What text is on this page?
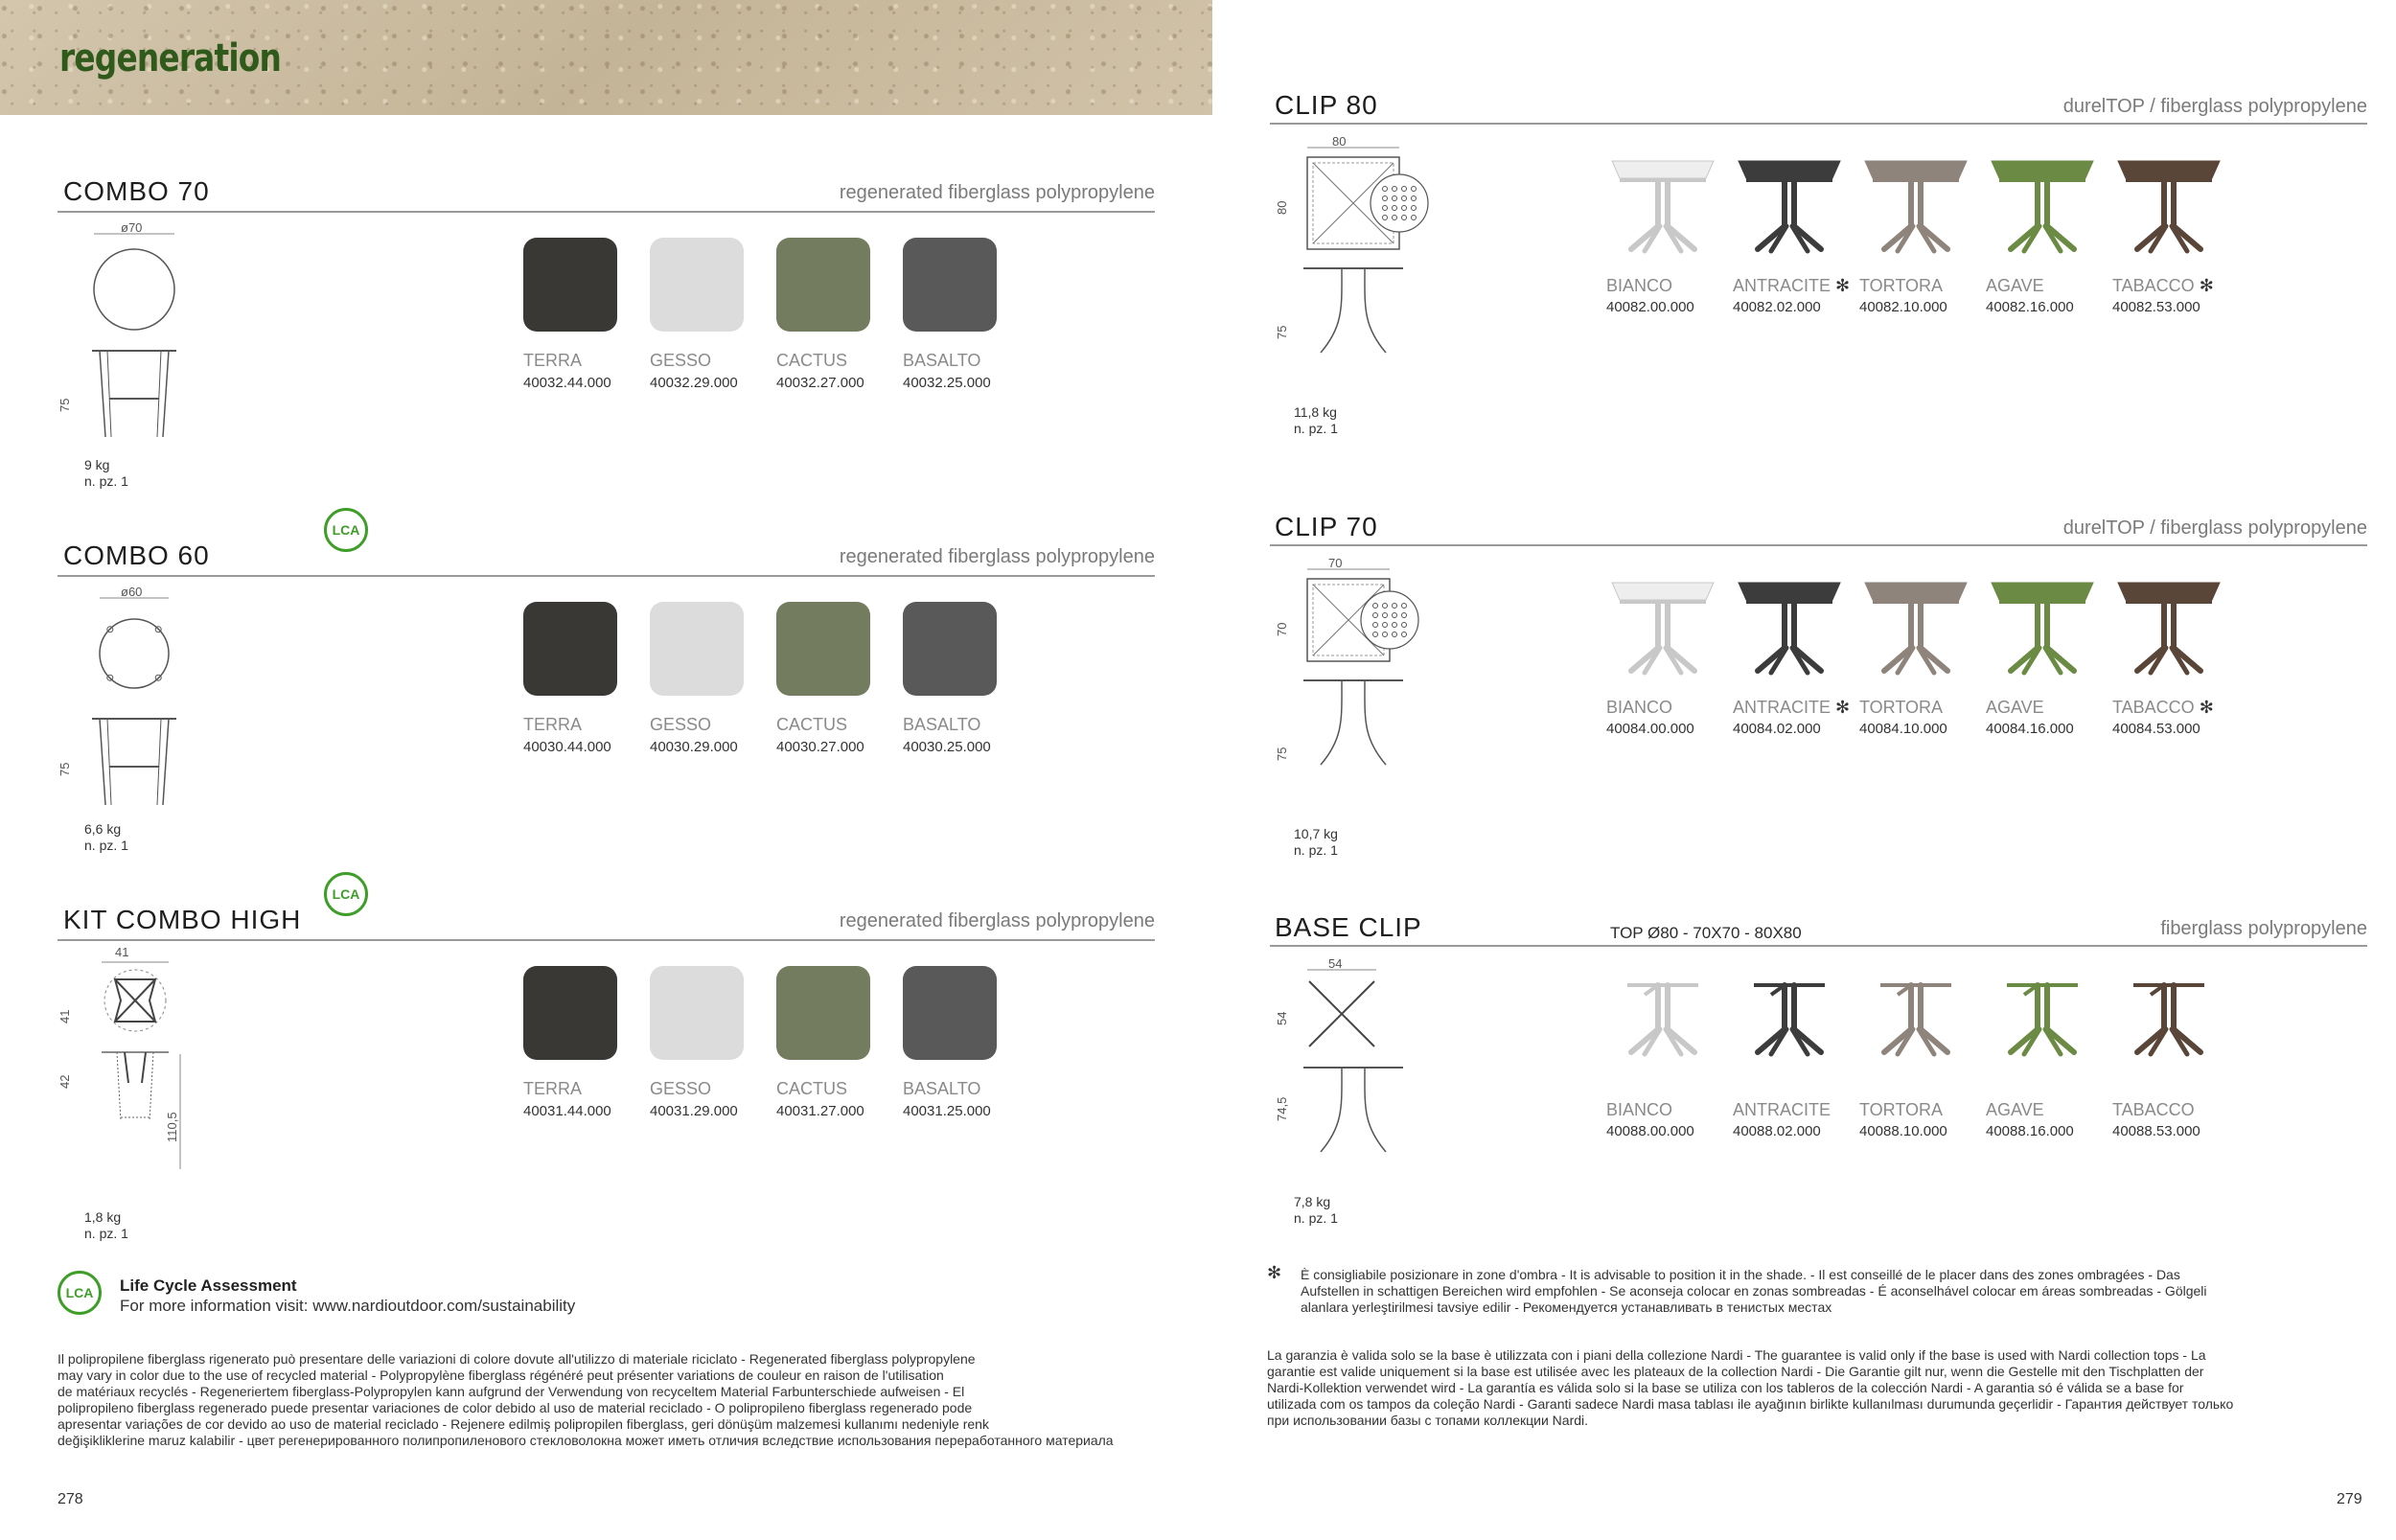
regeneration
COMBO 70	regenerated fiberglass polypropylene
ø70
75
9 kg
n. pz. 1
TERRA
40032.44.000
GESSO
40032.29.000
CACTUS
40032.27.000
BASALTO
40032.25.000
COMBO 60	regenerated fiberglass polypropylene
LCA
ø60
75
6,6 kg
n. pz. 1
TERRA
40030.44.000
GESSO
40030.29.000
CACTUS
40030.27.000
BASALTO
40030.25.000
KIT COMBO HIGH	regenerated fiberglass polypropylene
LCA
41
41
42
110,5
1,8 kg
n. pz. 1
TERRA
40031.44.000
GESSO
40031.29.000
CACTUS
40031.27.000
BASALTO
40031.25.000
CLIP 80	durelTOP / fiberglass polypropylene
80
80
75
11,8 kg
n. pz. 1
BIANCO
40082.00.000
ANTRACITE ✻
40082.02.000
TORTORA
40082.10.000
AGAVE
40082.16.000
TABACCO ✻
40082.53.000
CLIP 70	durelTOP / fiberglass polypropylene
70
70
75
10,7 kg
n. pz. 1
BIANCO
40084.00.000
ANTRACITE ✻
40084.02.000
TORTORA
40084.10.000
AGAVE
40084.16.000
TABACCO ✻
40084.53.000
BASE CLIP	fiberglass polypropylene
TOP Ø80 - 70X70 - 80X80
54
54
74,5
7,8 kg
n. pz. 1
BIANCO
40088.00.000
ANTRACITE
40088.02.000
TORTORA
40088.10.000
AGAVE
40088.16.000
TABACCO
40088.53.000
LCA	Life Cycle Assessment
For more information visit: www.nardioutdoor.com/sustainability
Il polipropilene fiberglass rigenerato può presentare delle variazioni di colore dovute all'utilizzo di materiale riciclato - Regenerated fiberglass polypropylene
may vary in color due to the use of recycled material - Polypropylène fiberglass régénéré peut présenter variations de couleur en raison de l'utilisation
de matériaux recyclés - Regeneriertem fiberglass-Polypropylen kann aufgrund der Verwendung von recyceltem Material Farbunterschiede aufweisen - El
polipropileno fiberglass regenerado puede presentar variaciones de color debido al uso de material reciclado - O polipropileno fiberglass regenerado pode
apresentar variações de cor devido ao uso de material reciclado - Rejenere edilmiş polipropilen fiberglass, geri dönüşüm malzemesi kullanımı nedeniyle renk
değişikliklerine maruz kalabilir - цвет регенерированного полипропиленового стекловолокна может иметь отличия вследствие использования переработанного материала
✻ È consigliabile posizionare in zone d'ombra - It is advisable to position it in the shade. - Il est conseillé de le placer dans des zones ombragées - Das
Aufstellen in schattigen Bereichen wird empfohlen - Se aconseja colocar en zonas sombreadas - É aconselhável colocar em áreas sombreadas - Gölgeli
alanlara yerleştirilmesi tavsiye edilir - Рекомендуется устанавливать в тенистых местах
La garanzia è valida solo se la base è utilizzata con i piani della collezione Nardi - The guarantee is valid only if the base is used with Nardi collection tops - La
garantie est valide uniquement si la base est utilisée avec les plateaux de la collection Nardi - Die Garantie gilt nur, wenn die Gestelle mit den Tischplatten der
Nardi-Kollektion verwendet wird - La garantía es válida solo si la base se utiliza con los tableros de la colección Nardi - A garantia só é válida se a base for
utilizada com os tampos da coleção Nardi - Garanti sadece Nardi masa tablası ile ayağının birlikte kullanılması durumunda geçerlidir - Гарантия действует только
при использовании базы с топами коллекции Nardi.
278	279
